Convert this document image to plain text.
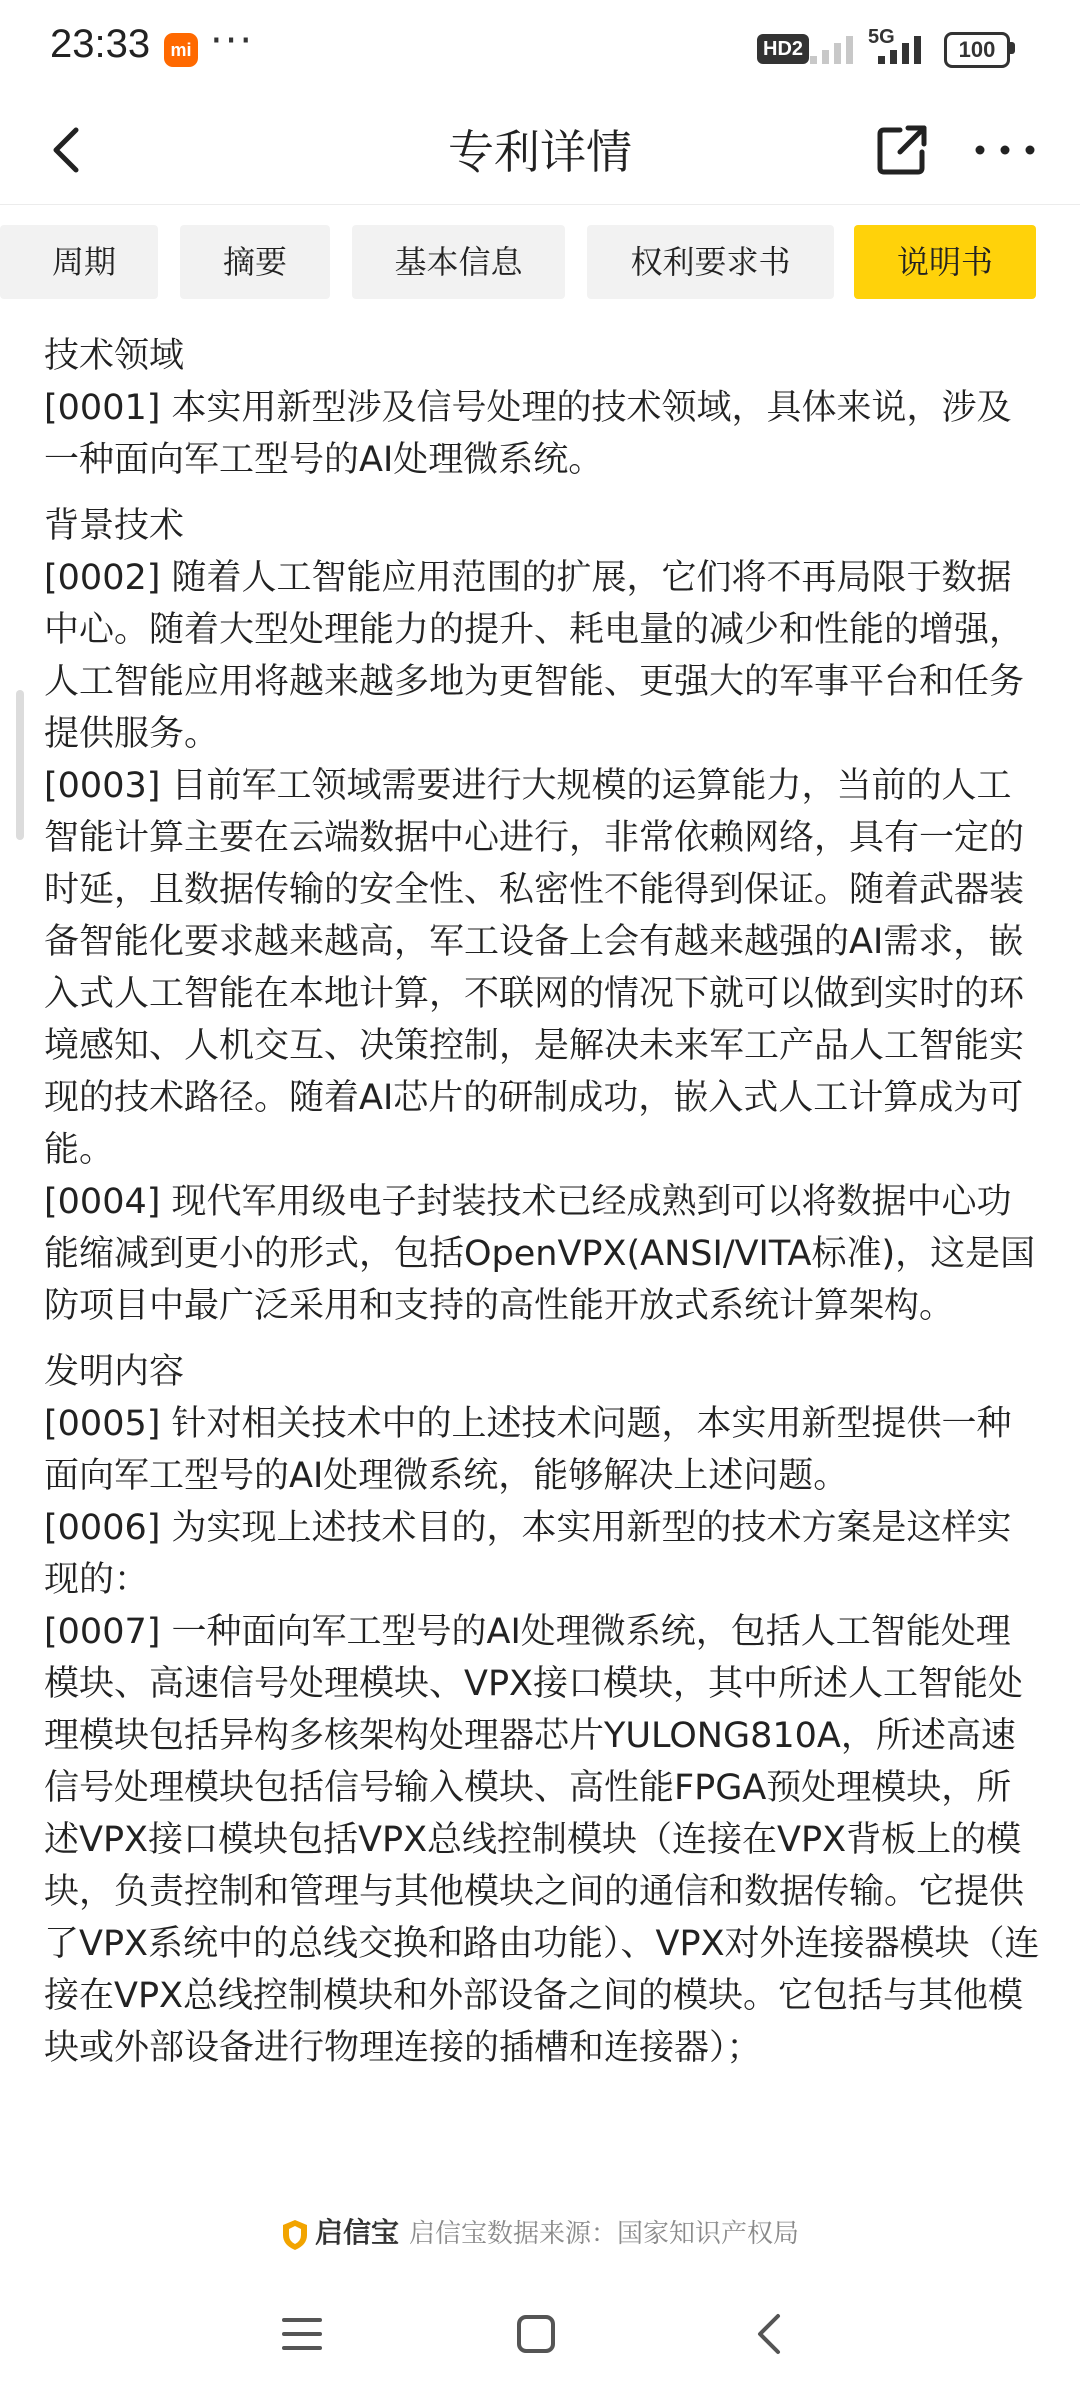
23:33	mi ···	HD2
5G	100
专利详情
周期	摘要	基本信息	权利要求书	说明书
技术领域

[0001] 本实用新型涉及信号处理的技术领域，具体来说，涉及一种面向军工型号的AI处理微系统。

背景技术

[0002] 随着人工智能应用范围的扩展，它们将不再局限于数据中心。随着大型处理能力的提升、耗电量的减少和性能的增强，人工智能应用将越来越多地为更智能、更强大的军事平台和任务提供服务。

[0003] 目前军工领域需要进行大规模的运算能力，当前的人工智能计算主要在云端数据中心进行，非常依赖网络，具有一定的时延，且数据传输的安全性、私密性不能得到保证。随着武器装备智能化要求越来越高，军工设备上会有越来越强的AI需求，嵌入式人工智能在本地计算，不联网的情况下就可以做到实时的环境感知、人机交互、决策控制，是解决未来军工产品人工智能实现的技术路径。随着AI芯片的研制成功，嵌入式人工计算成为可能。

[0004] 现代军用级电子封装技术已经成熟到可以将数据中心功能缩减到更小的形式，包括OpenVPX(ANSI/VITA标准)，这是国防项目中最广泛采用和支持的高性能开放式系统计算架构。

发明内容

[0005] 针对相关技术中的上述技术问题，本实用新型提供一种面向军工型号的AI处理微系统，能够解决上述问题。

[0006] 为实现上述技术目的，本实用新型的技术方案是这样实现的：

[0007] 一种面向军工型号的AI处理微系统，包括人工智能处理模块、高速信号处理模块、VPX接口模块，其中所述人工智能处理模块包括异构多核架构处理器芯片YULONG810A，所述高速信号处理模块包括信号输入模块、高性能FPGA预处理模块，所述VPX接口模块包括VPX总线控制模块（连接在VPX背板上的模块，负责控制和管理与其他模块之间的通信和数据传输。它提供了VPX系统中的总线交换和路由功能）、VPX对外连接器模块（连接在VPX总线控制模块和外部设备之间的模块。它包括与其他模块或外部设备进行物理连接的插槽和连接器）；

启信宝 启信宝数据来源：国家知识产权局
